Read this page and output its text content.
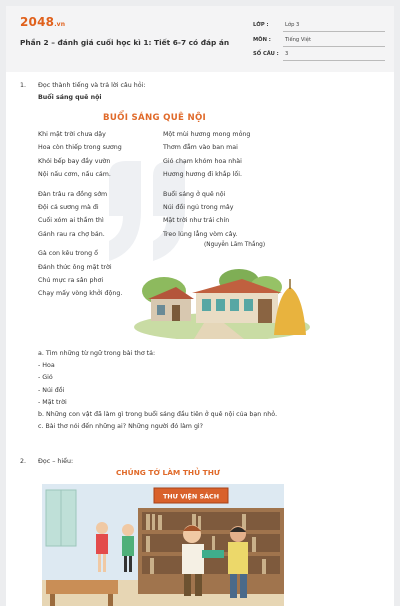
2048.vn
Phần 2 – đánh giá cuối học kì 1: Tiết 6-7 có đáp án
LỚP :	Lớp 3
MÔN :	Tiếng Việt
SỐ CÂU : 3
1. Đọc thành tiếng và trả lời câu hỏi:
Buổi sáng quê nội
BUỔI SÁNG QUÊ NỘI
Khi mặt trời chưa dậy
Hoa còn thiếp trong sương
Khói bếp bay đầy vườn
Nội nấu cơm, nấu cám.
Đàn trâu ra đồng sớm
Đội cả sương mà đi
Cuối xóm ai thầm thì
Gánh rau ra chợ bán.
Gà con kêu trong ổ
Đánh thức ông mặt trời
Chú mực ra sân phơi
Chạy mấy vòng khởi động.
Một mùi hương mong mỏng
Thơm đẫm vào ban mai
Gió chạm khóm hoa nhài
Hương hương đi khắp lối.
Buổi sáng ở quê nội
Núi đồi ngủ trong mây
Mặt trời như trái chín
Treo lủng lẳng vòm cây.
(Nguyễn Lãm Thắng)
a. Tìm những từ ngữ trong bài thơ tả:
- Hoa
- Gió
- Núi đồi
- Mặt trời
b. Những con vật đã làm gì trong buổi sáng đầu tiên ở quê nội của bạn nhỏ.
c. Bài thơ nói đến những ai? Những người đó làm gì?
2. Đọc – hiểu:
CHÚNG TỚ LÀM THỦ THƯ
THƯ VIỆN SÁCH
